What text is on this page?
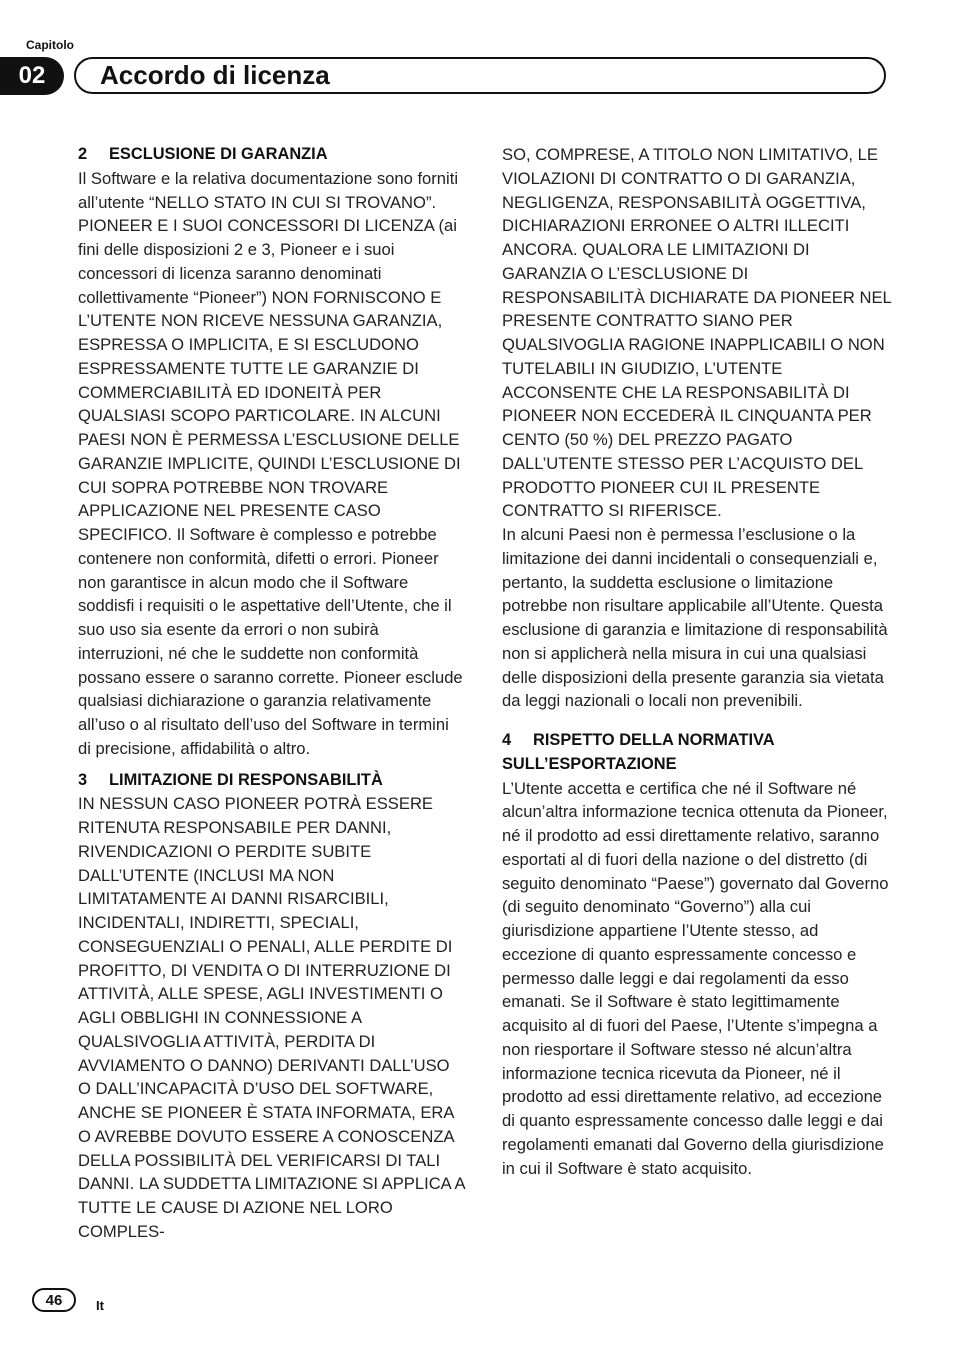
Capitolo
02	Accordo di licenza
2 ESCLUSIONE DI GARANZIA

Il Software e la relativa documentazione sono forniti all’utente “NELLO STATO IN CUI SI TROVANO”. PIONEER E I SUOI CONCESSORI DI LICENZA (ai fini delle disposizioni 2 e 3, Pioneer e i suoi concessori di licenza saranno denominati collettivamente “Pioneer”) NON FORNISCONO E L’UTENTE NON RICEVE NESSUNA GARANZIA, ESPRESSA O IMPLICITA, E SI ESCLUDONO ESPRESSAMENTE TUTTE LE GARANZIE DI COMMERCIABILITÀ ED IDONEITÀ PER QUALSIASI SCOPO PARTICOLARE. IN ALCUNI PAESI NON È PERMESSA L’ESCLUSIONE DELLE GARANZIE IMPLICITE, QUINDI L’ESCLUSIONE DI CUI SOPRA POTREBBE NON TROVARE APPLICAZIONE NEL PRESENTE CASO SPECIFICO. Il Software è complesso e potrebbe contenere non conformità, difetti o errori. Pioneer non garantisce in alcun modo che il Software soddisfi i requisiti o le aspettative dell’Utente, che il suo uso sia esente da errori o non subirà interruzioni, né che le suddette non conformità possano essere o saranno corrette. Pioneer esclude qualsiasi dichiarazione o garanzia relativamente all’uso o al risultato dell’uso del Software in termini di precisione, affidabilità o altro.

3 LIMITAZIONE DI RESPONSABILITÀ

IN NESSUN CASO PIONEER POTRÀ ESSERE RITENUTA RESPONSABILE PER DANNI, RIVENDICAZIONI O PERDITE SUBITE DALL’UTENTE (INCLUSI MA NON LIMITATAMENTE AI DANNI RISARCIBILI, INCIDENTALI, INDIRETTI, SPECIALI, CONSEGUENZIALI O PENALI, ALLE PERDITE DI PROFITTO, DI VENDITA O DI INTERRUZIONE DI ATTIVITÀ, ALLE SPESE, AGLI INVESTIMENTI O AGLI OBBLIGHI IN CONNESSIONE A QUALSIVOGLIA ATTIVITÀ, PERDITA DI AVVIAMENTO O DANNO) DERIVANTI DALL’USO O DALL’INCAPACITÀ D’USO DEL SOFTWARE, ANCHE SE PIONEER È STATA INFORMATA, ERA O AVREBBE DOVUTO ESSERE A CONOSCENZA DELLA POSSIBILITÀ DEL VERIFICARSI DI TALI DANNI. LA SUDDETTA LIMITAZIONE SI APPLICA A TUTTE LE CAUSE DI AZIONE NEL LORO COMPLES-

SO, COMPRESE, A TITOLO NON LIMITATIVO, LE VIOLAZIONI DI CONTRATTO O DI GARANZIA, NEGLIGENZA, RESPONSABILITÀ OGGETTIVA, DICHIARAZIONI ERRONEE O ALTRI ILLECITI ANCORA. QUALORA LE LIMITAZIONI DI GARANZIA O L’ESCLUSIONE DI RESPONSABILITÀ DICHIARATE DA PIONEER NEL PRESENTE CONTRATTO SIANO PER QUALSIVOGLIA RAGIONE INAPPLICABILI O NON TUTELABILI IN GIUDIZIO, L’UTENTE ACCONSENTE CHE LA RESPONSABILITÀ DI PIONEER NON ECCEDERÀ IL CINQUANTA PER CENTO (50 %) DEL PREZZO PAGATO DALL’UTENTE STESSO PER L’ACQUISTO DEL PRODOTTO PIONEER CUI IL PRESENTE CONTRATTO SI RIFERISCE.

In alcuni Paesi non è permessa l’esclusione o la limitazione dei danni incidentali o consequenziali e, pertanto, la suddetta esclusione o limitazione potrebbe non risultare applicabile all’Utente. Questa esclusione di garanzia e limitazione di responsabilità non si applicherà nella misura in cui una qualsiasi delle disposizioni della presente garanzia sia vietata da leggi nazionali o locali non prevenibili.

4 RISPETTO DELLA NORMATIVA SULL’ESPORTAZIONE

L’Utente accetta e certifica che né il Software né alcun’altra informazione tecnica ottenuta da Pioneer, né il prodotto ad essi direttamente relativo, saranno esportati al di fuori della nazione o del distretto (di seguito denominato “Paese”) governato dal Governo (di seguito denominato “Governo”) alla cui giurisdizione appartiene l’Utente stesso, ad eccezione di quanto espressamente concesso e permesso dalle leggi e dai regolamenti da esso emanati. Se il Software è stato legittimamente acquisito al di fuori del Paese, l’Utente s’impegna a non riesportare il Software stesso né alcun’altra informazione tecnica ricevuta da Pioneer, né il prodotto ad essi direttamente relativo, ad eccezione di quanto espressamente concesso dalle leggi e dai regolamenti emanati dal Governo della giurisdizione in cui il Software è stato acquisito.

46	It
